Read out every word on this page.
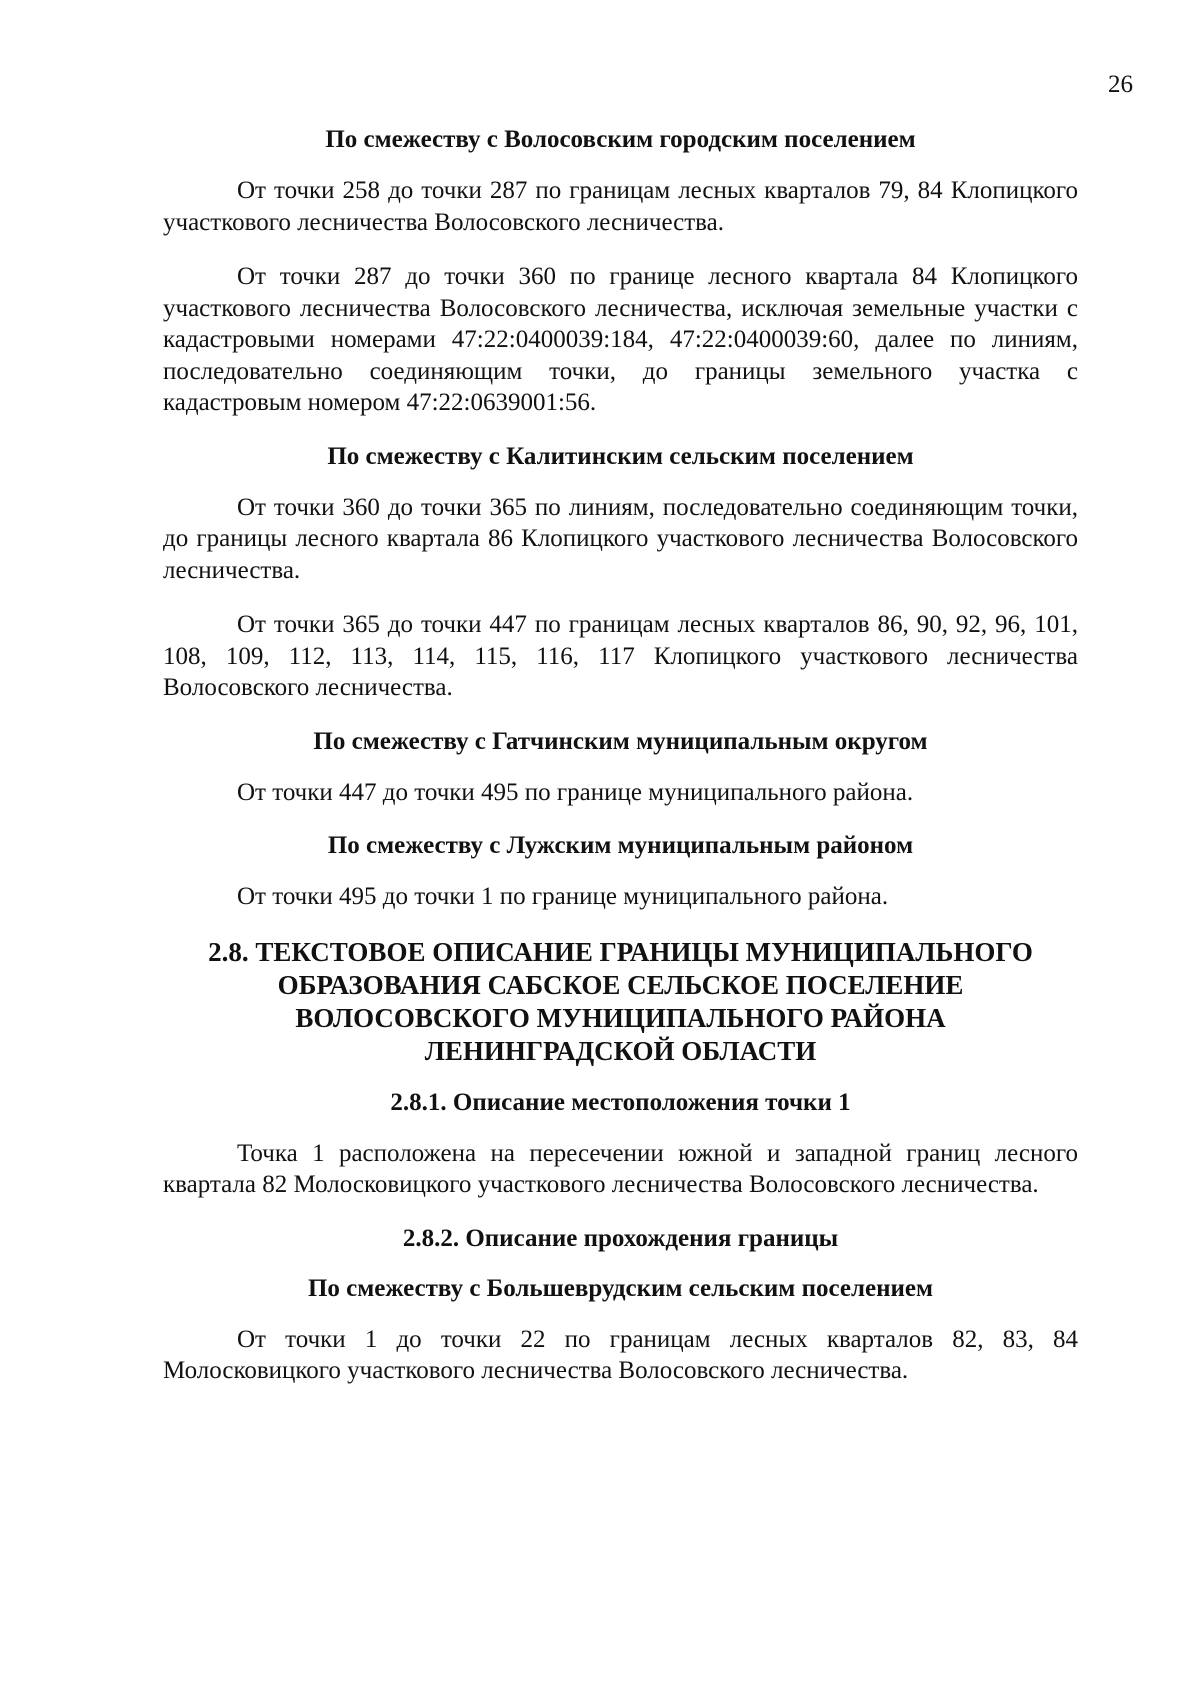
26
По смежеству с Волосовским городским поселением

От точки 258 до точки 287 по границам лесных кварталов 79, 84 Клопицкого участкового лесничества Волосовского лесничества.

От точки 287 до точки 360 по границе лесного квартала 84 Клопицкого участкового лесничества Волосовского лесничества, исключая земельные участки с кадастровыми номерами 47:22:0400039:184, 47:22:0400039:60, далее по линиям, последовательно соединяющим точки, до границы земельного участка с кадастровым номером 47:22:0639001:56.

По смежеству с Калитинским сельским поселением

От точки 360 до точки 365 по линиям, последовательно соединяющим точки, до границы лесного квартала 86 Клопицкого участкового лесничества Волосовского лесничества.

От точки 365 до точки 447 по границам лесных кварталов 86, 90, 92, 96, 101, 108, 109, 112, 113, 114, 115, 116, 117 Клопицкого участкового лесничества Волосовского лесничества.

По смежеству с Гатчинским муниципальным округом

От точки 447 до точки 495 по границе муниципального района.

По смежеству с Лужским муниципальным районом

От точки 495 до точки 1 по границе муниципального района.

2.8. ТЕКСТОВОЕ ОПИСАНИЕ ГРАНИЦЫ МУНИЦИПАЛЬНОГО
ОБРАЗОВАНИЯ САБСКОЕ СЕЛЬСКОЕ ПОСЕЛЕНИЕ
ВОЛОСОВСКОГО МУНИЦИПАЛЬНОГО РАЙОНА
ЛЕНИНГРАДСКОЙ ОБЛАСТИ
2.8.1. Описание местоположения точки 1

Точка 1 расположена на пересечении южной и западной границ лесного квартала 82 Молосковицкого участкового лесничества Волосовского лесничества.

2.8.2. Описание прохождения границы
По смежеству с Большеврудским сельским поселением

От точки 1 до точки 22 по границам лесных кварталов 82, 83, 84 Молосковицкого участкового лесничества Волосовского лесничества.
